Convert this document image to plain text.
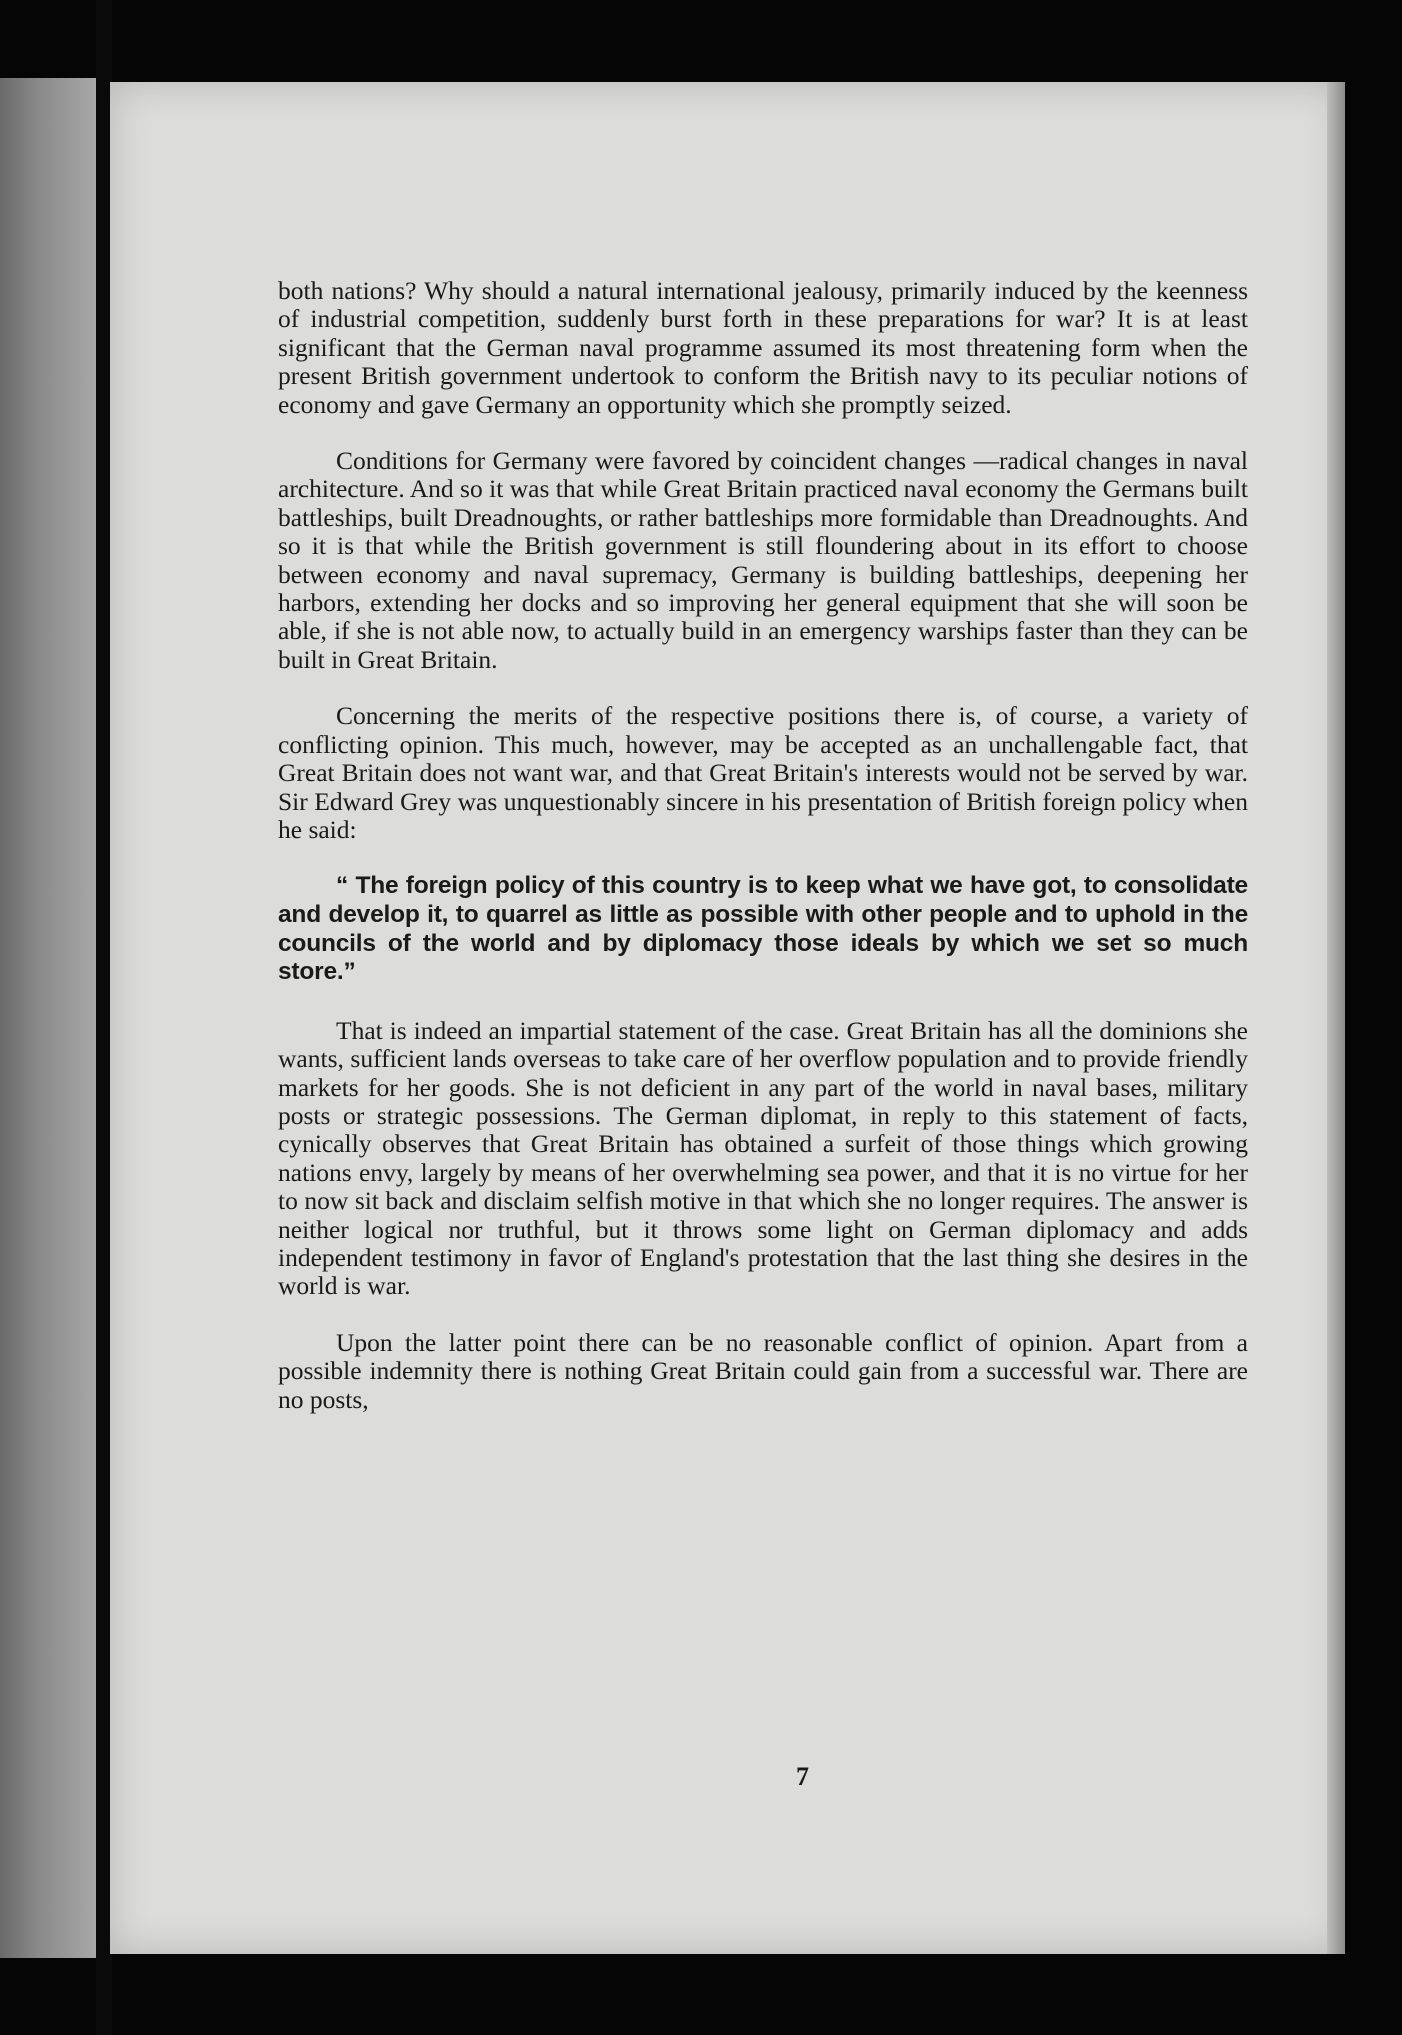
both nations? Why should a natural international jealousy, primarily induced by the keenness of industrial competition, suddenly burst forth in these preparations for war? It is at least significant that the German naval programme assumed its most threatening form when the present British government undertook to conform the British navy to its peculiar notions of economy and gave Germany an opportunity which she promptly seized.

Conditions for Germany were favored by coincident changes —radical changes in naval architecture. And so it was that while Great Britain practiced naval economy the Germans built battleships, built Dreadnoughts, or rather battleships more formidable than Dreadnoughts. And so it is that while the British government is still floundering about in its effort to choose between economy and naval supremacy, Germany is building battleships, deepening her harbors, extending her docks and so improving her general equipment that she will soon be able, if she is not able now, to actually build in an emergency warships faster than they can be built in Great Britain.

Concerning the merits of the respective positions there is, of course, a variety of conflicting opinion. This much, however, may be accepted as an unchallengable fact, that Great Britain does not want war, and that Great Britain's interests would not be served by war. Sir Edward Grey was unquestionably sincere in his presentation of British foreign policy when he said:

“ The foreign policy of this country is to keep what we have got, to consolidate and develop it, to quarrel as little as possible with other people and to uphold in the councils of the world and by diplomacy those ideals by which we set so much store.”

That is indeed an impartial statement of the case. Great Britain has all the dominions she wants, sufficient lands overseas to take care of her overflow population and to provide friendly markets for her goods. She is not deficient in any part of the world in naval bases, military posts or strategic possessions. The German diplomat, in reply to this statement of facts, cynically observes that Great Britain has obtained a surfeit of those things which growing nations envy, largely by means of her overwhelming sea power, and that it is no virtue for her to now sit back and disclaim selfish motive in that which she no longer requires. The answer is neither logical nor truthful, but it throws some light on German diplomacy and adds independent testimony in favor of England's protestation that the last thing she desires in the world is war.

Upon the latter point there can be no reasonable conflict of opinion. Apart from a possible indemnity there is nothing Great Britain could gain from a successful war. There are no posts,

7
